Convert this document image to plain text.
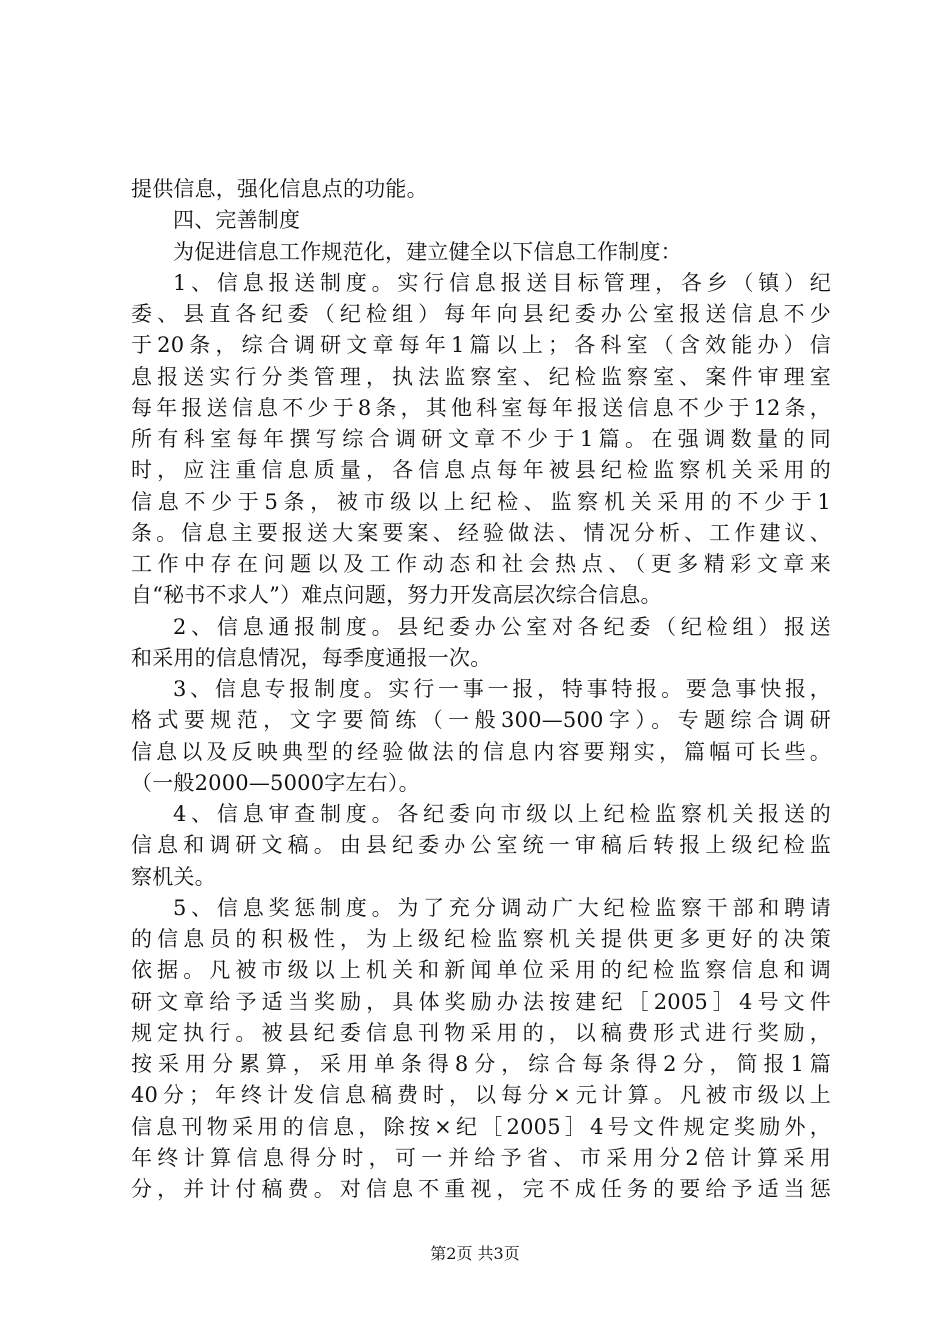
提供信息，强化信息点的功能。
四、完善制度
为促进信息工作规范化，建立健全以下信息工作制度：
1、信息报送制度。实行信息报送目标管理，各乡（镇）纪
委、县直各纪委（纪检组）每年向县纪委办公室报送信息不少
于20条，综合调研文章每年1篇以上；各科室（含效能办）信
息报送实行分类管理，执法监察室、纪检监察室、案件审理室
每年报送信息不少于8条，其他科室每年报送信息不少于12条，
所有科室每年撰写综合调研文章不少于1篇。在强调数量的同
时，应注重信息质量，各信息点每年被县纪检监察机关采用的
信息不少于5条，被市级以上纪检、监察机关采用的不少于1
条。信息主要报送大案要案、经验做法、情况分析、工作建议、
工作中存在问题以及工作动态和社会热点、（更多精彩文章来
自“秘书不求人”）难点问题，努力开发高层次综合信息。
2、信息通报制度。县纪委办公室对各纪委（纪检组）报送
和采用的信息情况，每季度通报一次。
3、信息专报制度。实行一事一报，特事特报。要急事快报，
格式要规范，文字要简练（一般300—500字）。专题综合调研
信息以及反映典型的经验做法的信息内容要翔实，篇幅可长些。
（一般2000—5000字左右）。
4、信息审查制度。各纪委向市级以上纪检监察机关报送的
信息和调研文稿。由县纪委办公室统一审稿后转报上级纪检监
察机关。
5、信息奖惩制度。为了充分调动广大纪检监察干部和聘请
的信息员的积极性，为上级纪检监察机关提供更多更好的决策
依据。凡被市级以上机关和新闻单位采用的纪检监察信息和调
研文章给予适当奖励，具体奖励办法按建纪［2005］4号文件
规定执行。被县纪委信息刊物采用的，以稿费形式进行奖励，
按采用分累算，采用单条得8分，综合每条得2分，简报1篇
40分；年终计发信息稿费时，以每分×元计算。凡被市级以上
信息刊物采用的信息，除按×纪［2005］4号文件规定奖励外，
年终计算信息得分时，可一并给予省、市采用分2倍计算采用
分，并计付稿费。对信息不重视，完不成任务的要给予适当惩
第2页 共3页
